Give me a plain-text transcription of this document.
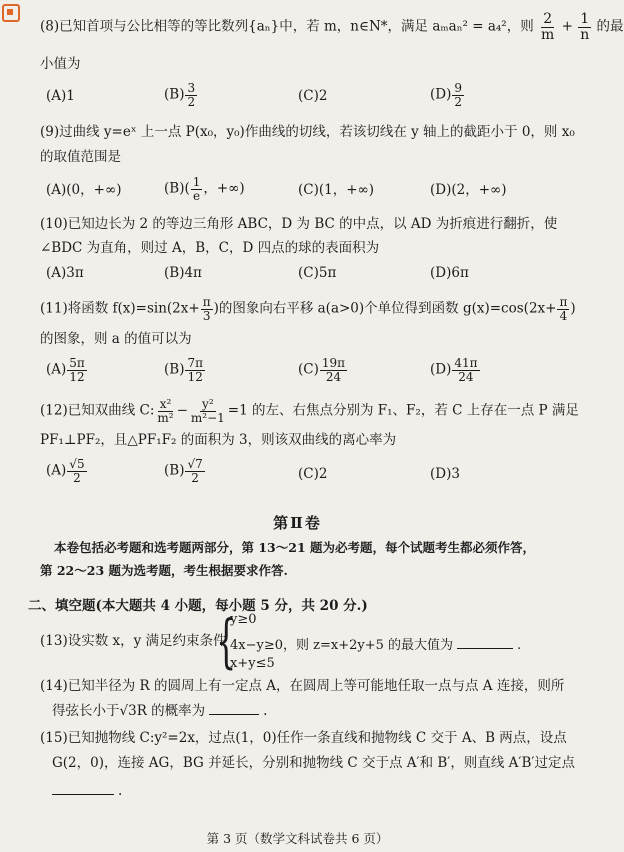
(8)已知首项与公比相等的等比数列{aₙ}中，若 m，n∈N*，满足 aₘaₙ² = a₄²，则 $\frac{2}{m} + \frac{1}{n}$ 的最
小值为
(A)1	$(B) \frac{3}{2}$	(C)2	$(D) \frac{9}{2}$
(9)过曲线 y=eˣ 上一点 P(x₀，y₀)作曲线的切线，若该切线在 y 轴上的截距小于 0，则 x₀
的取值范围是
(A)(0，+∞)	$(B)( \frac{1}{e}$ ，+∞)	(C)(1，+∞)	(D)(2，+∞)
(10)已知边长为 2 的等边三角形 ABC，D 为 BC 的中点，以 AD 为折痕进行翻折，使
∠BDC 为直角，则过 A，B，C，D 四点的球的表面积为
(A)3π	(B)4π	(C)5π	(D)6π
(11)将函数 $f(x)=\sin(2x+ \frac{\pi}{3}$ )的图象向右平移 a(a>0)个单位得到函数 $g(x)=\cos(2x+ \frac{\pi}{4}$ )
的图象，则 a 的值可以为
$(A) \frac{5\pi}{12}$	$(B) \frac{7\pi}{12}$	$(C) \frac{19\pi}{24}$	$(D) \frac{41\pi}{24}$
(12)已知双曲线 C: $\frac{\text{x²}}{\text{m²}} - \frac{\text{y²}}{\text{m²−1}} =1$ 的左、右焦点分别为 F₁、F₂，若 C 上存在一点 P 满足
PF₁⊥PF₂，且△PF₁F₂ 的面积为 3，则该双曲线的离心率为
$(A) \frac{√5}{2}$	$(B) \frac{√7}{2}$	(C)2	(D)3
第Ⅱ卷
本卷包括必考题和选考题两部分，第 13～21 题为必考题，每个试题考生都必须作答，
第 22～23 题为选考题，考生根据要求作答.
二、填空题(本大题共 4 小题，每小题 5 分，共 20 分.)
(13)设实数 x，y 满足约束条件
{
y≥0
4x−y≥0，则 z=x+2y+5 的最大值为	.
x+y≤5
(14)已知半径为 R 的圆周上有一定点 A，在圆周上等可能地任取一点与点 A 连接，则所
得弦长小于√3R 的概率为	.
(15)已知抛物线 C:y²=2x，过点(1，0)任作一条直线和抛物线 C 交于 A、B 两点，设点
G(2，0)，连接 AG，BG 并延长，分别和抛物线 C 交于点 A′和 B′，则直线 A′B′过定点
.
第 3 页（数学文科试卷共 6 页）
